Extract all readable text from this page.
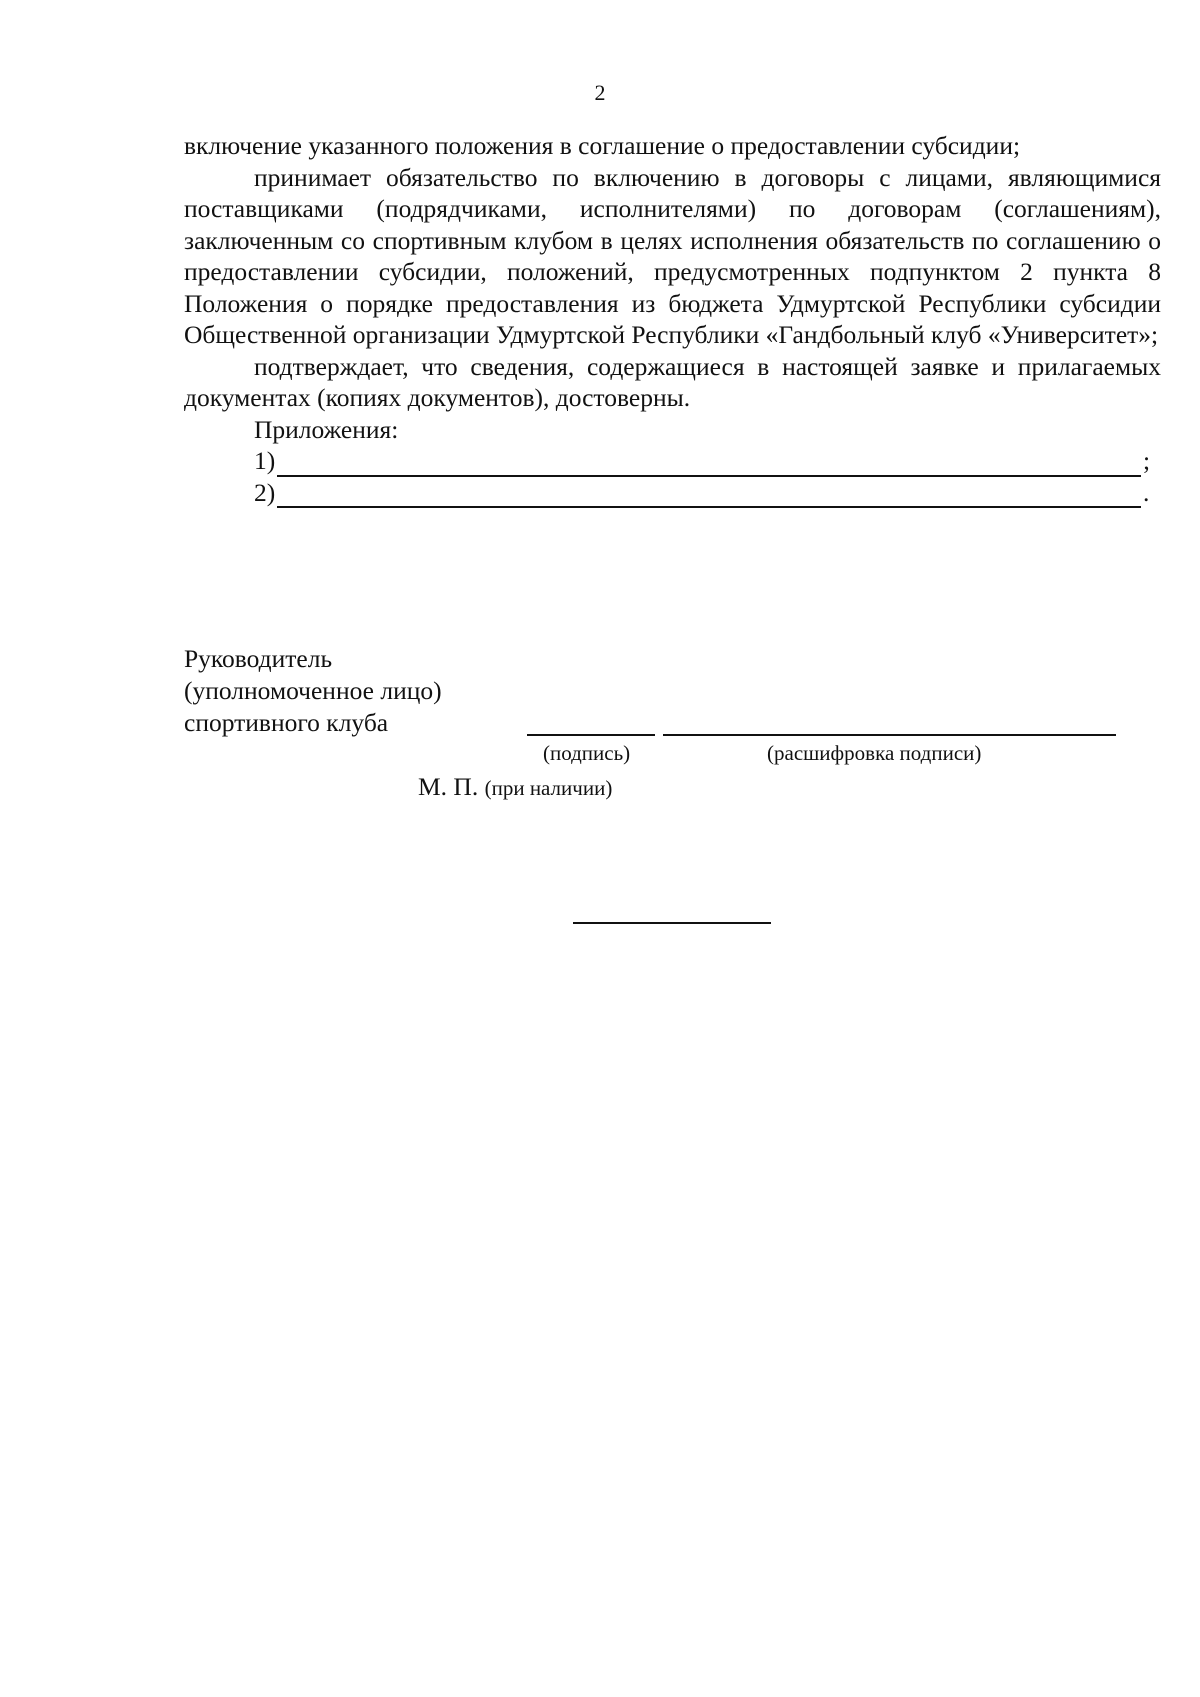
2

включение указанного положения в соглашение о предоставлении субсидии;

принимает обязательство по включению в договоры с лицами, являющимися поставщиками (подрядчиками, исполнителями) по договорам (соглашениям), заключенным со спортивным клубом в целях исполнения обязательств по соглашению о предоставлении субсидии, положений, предусмотренных подпунктом 2 пункта 8 Положения о порядке предоставления из бюджета Удмуртской Республики субсидии Общественной организации Удмуртской Республики «Гандбольный клуб «Университет»;

подтверждает, что сведения, содержащиеся в настоящей заявке и прилагаемых документах (копиях документов), достоверны.

Приложения:

1)	;
2)	.
Руководитель
(уполномоченное лицо)
спортивного клуба
(подпись)	(расшифровка подписи)
М. П. (при наличии)
